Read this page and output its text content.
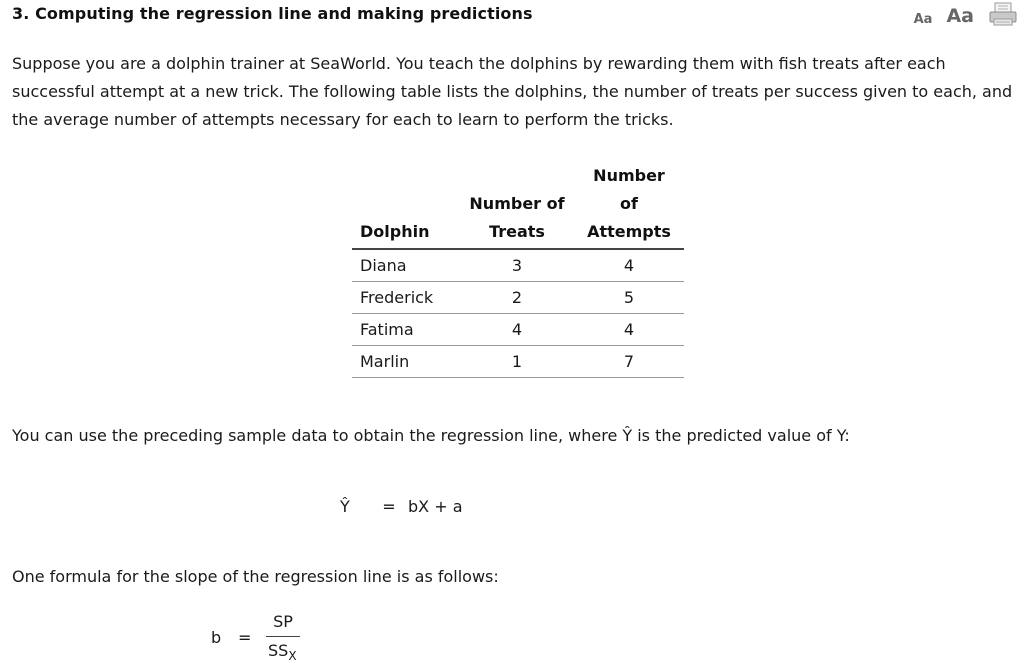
3. Computing the regression line and making predictions	Aa Aa
Suppose you are a dolphin trainer at SeaWorld. You teach the dolphins by rewarding them with fish treats after each successful attempt at a new trick. The following table lists the dolphins, the number of treats per success given to each, and the average number of attempts necessary for each to learn to perform the tricks.
	Number of	Number of
Dolphin	Treats	Attempts
Diana	3	4
Frederick	2	5
Fatima	4	4
Marlin	1	7
You can use the preceding sample data to obtain the regression line, where Ŷ is the predicted value of Y:
Ŷ	= bX + a
One formula for the slope of the regression line is as follows:
b =
SP
$SS_X$
